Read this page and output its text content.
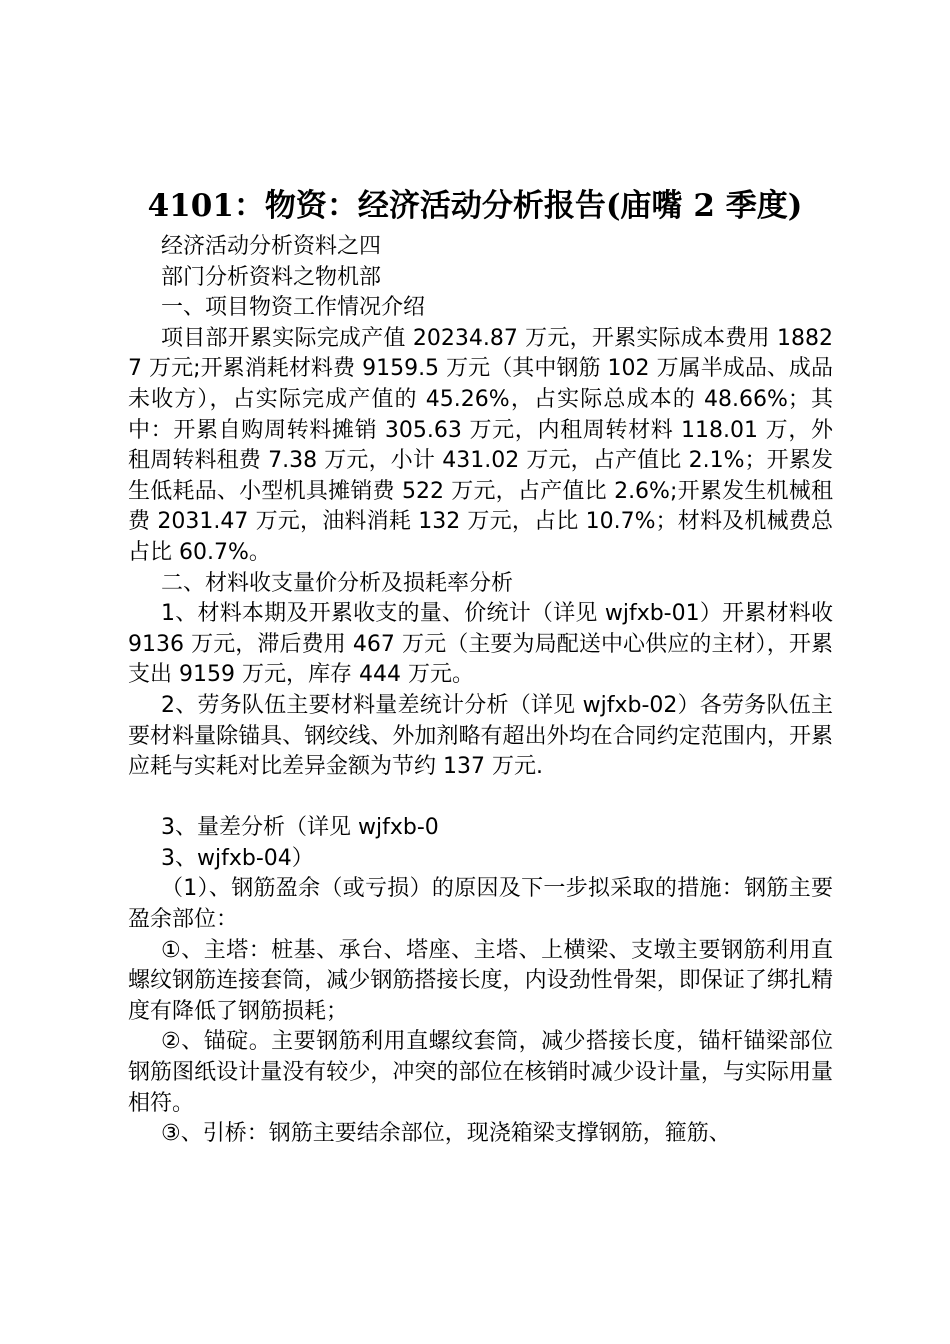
4101：物资：经济活动分析报告(庙嘴 2 季度)

经济活动分析资料之四

部门分析资料之物机部

一、项目物资工作情况介绍

项目部开累实际完成产值 20234.87 万元，开累实际成本费用 18827 万元;开累消耗材料费 9159.5 万元（其中钢筋 102 万属半成品、成品未收方），占实际完成产值的 45.26%，占实际总成本的 48.66%；其中：开累自购周转料摊销 305.63 万元，内租周转材料 118.01 万，外租周转料租费 7.38 万元，小计 431.02 万元，占产值比 2.1%；开累发生低耗品、小型机具摊销费 522 万元，占产值比 2.6%;开累发生机械租费 2031.47 万元，油料消耗 132 万元，占比 10.7%；材料及机械费总占比 60.7%。

二、材料收支量价分析及损耗率分析

1、材料本期及开累收支的量、价统计（详见 wjfxb-01）开累材料收 9136 万元，滞后费用 467 万元（主要为局配送中心供应的主材），开累支出 9159 万元，库存 444 万元。

2、劳务队伍主要材料量差统计分析（详见 wjfxb-02）各劳务队伍主要材料量除锚具、钢绞线、外加剂略有超出外均在合同约定范围内，开累应耗与实耗对比差异金额为节约 137 万元.

3、量差分析（详见 wjfxb-0

3、wjfxb-04）

（1）、钢筋盈余（或亏损）的原因及下一步拟采取的措施：钢筋主要盈余部位：

①、主塔：桩基、承台、塔座、主塔、上横梁、支墩主要钢筋利用直螺纹钢筋连接套筒，减少钢筋搭接长度，内设劲性骨架，即保证了绑扎精度有降低了钢筋损耗；

②、锚碇。主要钢筋利用直螺纹套筒，减少搭接长度，锚杆锚梁部位钢筋图纸设计量没有较少，冲突的部位在核销时减少设计量，与实际用量相符。

③、引桥：钢筋主要结余部位，现浇箱梁支撑钢筋，箍筋、
